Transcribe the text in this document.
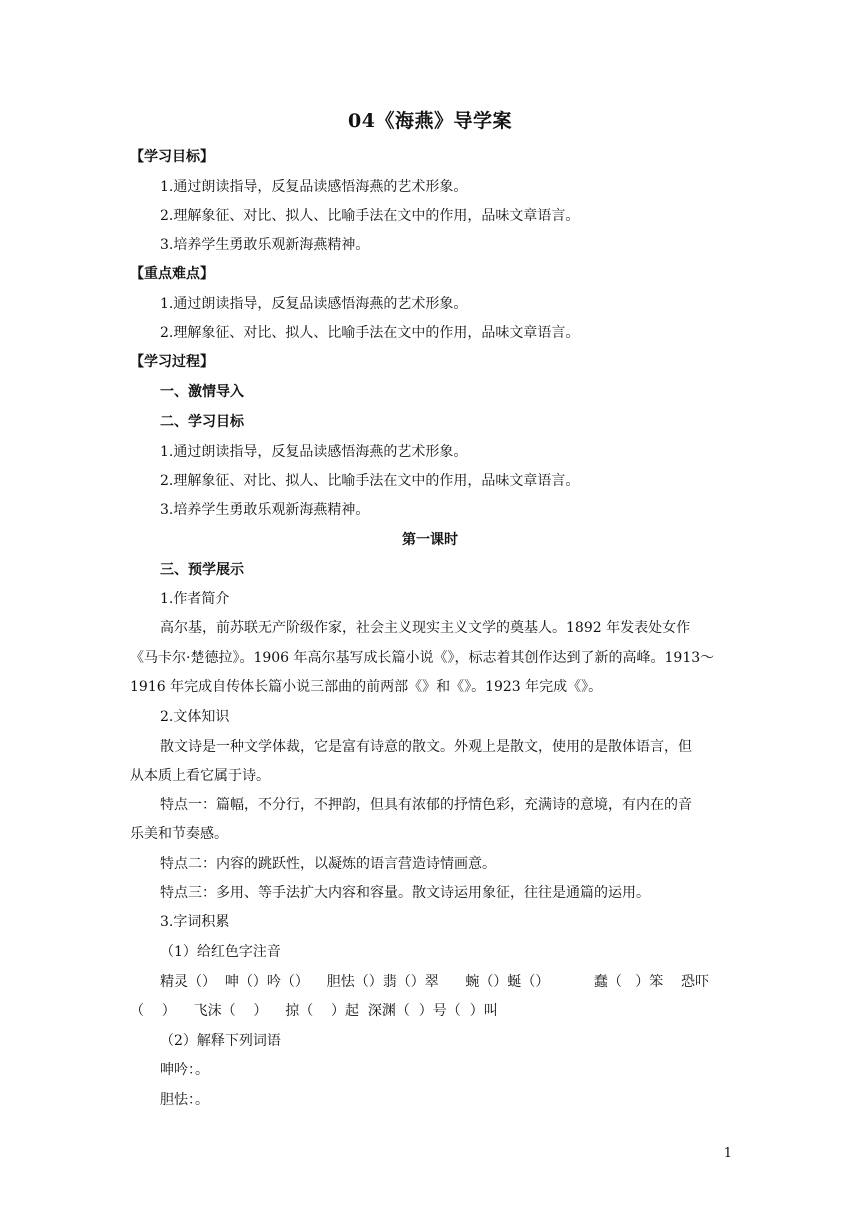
04《海燕》导学案
【学习目标】
1.通过朗读指导，反复品读感悟海燕的艺术形象。
2.理解象征、对比、拟人、比喻手法在文中的作用，品味文章语言。
3.培养学生勇敢乐观新海燕精神。
【重点难点】
1.通过朗读指导，反复品读感悟海燕的艺术形象。
2.理解象征、对比、拟人、比喻手法在文中的作用，品味文章语言。
【学习过程】
一、激情导入
二、学习目标
1.通过朗读指导，反复品读感悟海燕的艺术形象。
2.理解象征、对比、拟人、比喻手法在文中的作用，品味文章语言。
3.培养学生勇敢乐观新海燕精神。
第一课时
三、预学展示
1.作者简介
高尔基，前苏联无产阶级作家，社会主义现实主义文学的奠基人。1892 年发表处女作
《马卡尔·楚德拉》。1906 年高尔基写成长篇小说《》，标志着其创作达到了新的高峰。1913～
1916 年完成自传体长篇小说三部曲的前两部《》和《》。1923 年完成《》。
2.文体知识
散文诗是一种文学体裁，它是富有诗意的散文。外观上是散文，使用的是散体语言，但
从本质上看它属于诗。
特点一：篇幅，不分行，不押韵，但具有浓郁的抒情色彩，充满诗的意境，有内在的音
乐美和节奏感。
特点二：内容的跳跃性，以凝炼的语言营造诗情画意。
特点三：多用、等手法扩大内容和容量。散文诗运用象征，往往是通篇的运用。
3.字词积累
（1）给红色字注音
精灵（）  呻（）吟（）    胆怯（）翡（）翠      蜿（）蜒（）          蠢（   ）笨    恐吓
（    ）    飞沫（    ）    掠（    ）起  深渊（  ）号（  ）叫
（2）解释下列词语
呻吟：。
胆怯：。
1
